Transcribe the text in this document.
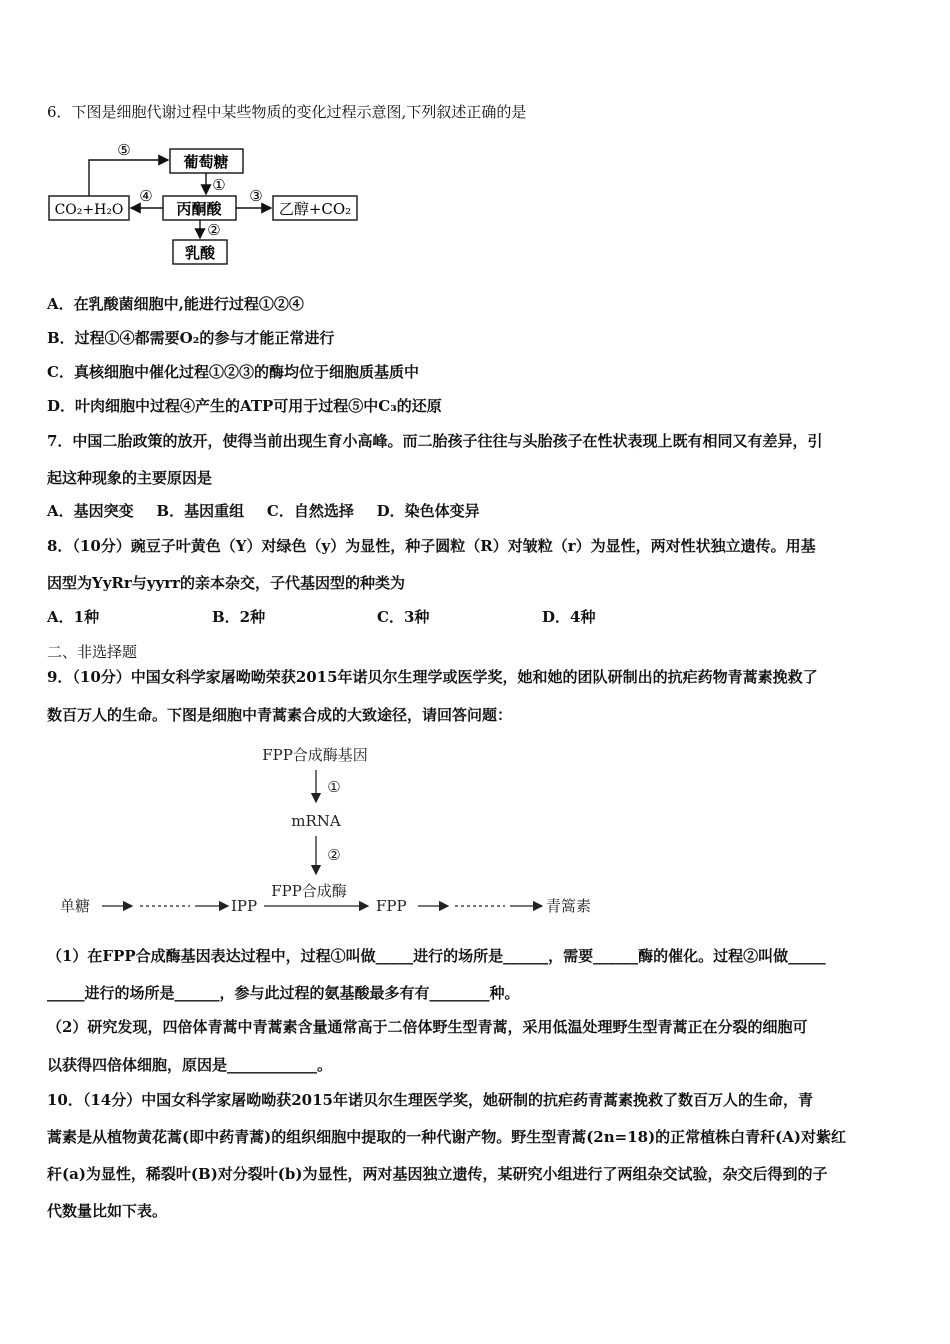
6．下图是细胞代谢过程中某些物质的变化过程示意图,下列叙述正确的是
葡萄糖
丙酮酸
CO₂+H₂O	乙醇+CO₂
乳酸
⑤
①
④	③
②
A．在乳酸菌细胞中,能进行过程①②④
B．过程①④都需要O₂的参与才能正常进行
C．真核细胞中催化过程①②③的酶均位于细胞质基质中
D．叶肉细胞中过程④产生的ATP可用于过程⑤中C₃的还原
7．中国二胎政策的放开，使得当前出现生育小高峰。而二胎孩子往往与头胎孩子在性状表现上既有相同又有差异，引
起这种现象的主要原因是
A．基因突变 B．基因重组 C．自然选择 D．染色体变异
8．（10分）豌豆子叶黄色（Y）对绿色（y）为显性，种子圆粒（R）对皱粒（r）为显性，两对性状独立遗传。用基
因型为YyRr与yyrr的亲本杂交，子代基因型的种类为
A．1种	B．2种	C．3种	D．4种
二、非选择题
9．（10分）中国女科学家屠呦呦荣获2015年诺贝尔生理学或医学奖，她和她的团队研制出的抗疟药物青蒿素挽救了
数百万人的生命。下图是细胞中青蒿素合成的大致途径，请回答问题：
FPP合成酶基因
①
mRNA
②
FPP合成酶
单糖	IPP	FPP	青篙素
（1）在FPP合成酶基因表达过程中，过程①叫做_____进行的场所是______，需要______酶的催化。过程②叫做_____
_____进行的场所是______，参与此过程的氨基酸最多有有________种。
（2）研究发现，四倍体青蒿中青蒿素含量通常高于二倍体野生型青蒿，采用低温处理野生型青蒿正在分裂的细胞可
以获得四倍体细胞，原因是____________。
10．（14分）中国女科学家屠呦呦获2015年诺贝尔生理医学奖，她研制的抗疟药青蒿素挽救了数百万人的生命，青
蒿素是从植物黄花蒿(即中药青蒿)的组织细胞中提取的一种代谢产物。野生型青蒿(2n=18)的正常植株白青秆(A)对紫红
秆(a)为显性，稀裂叶(B)对分裂叶(b)为显性，两对基因独立遗传，某研究小组进行了两组杂交试验，杂交后得到的子
代数量比如下表。
